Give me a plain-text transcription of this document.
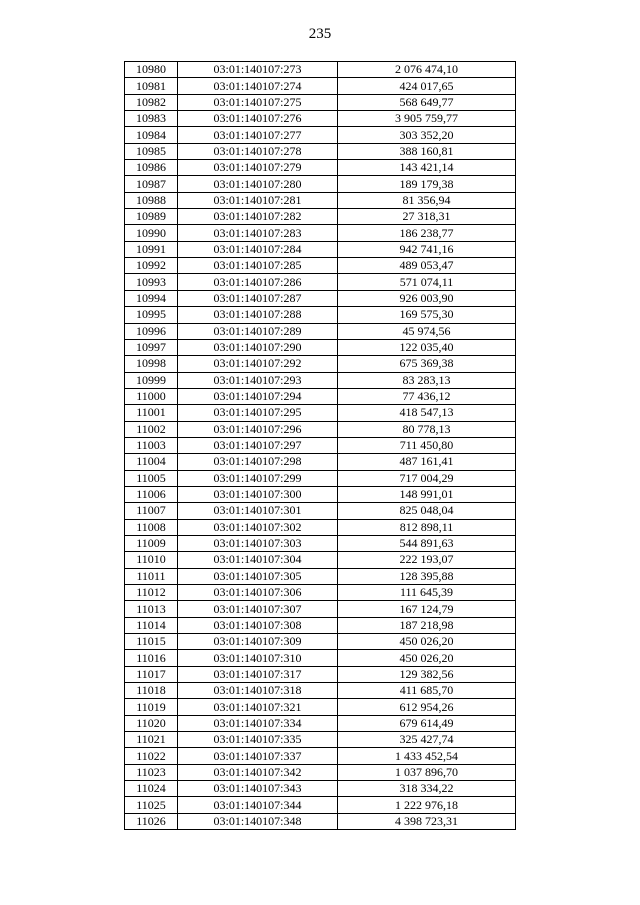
235
10980	03:01:140107:273	2 076 474,10
10981	03:01:140107:274	424 017,65
10982	03:01:140107:275	568 649,77
10983	03:01:140107:276	3 905 759,77
10984	03:01:140107:277	303 352,20
10985	03:01:140107:278	388 160,81
10986	03:01:140107:279	143 421,14
10987	03:01:140107:280	189 179,38
10988	03:01:140107:281	81 356,94
10989	03:01:140107:282	27 318,31
10990	03:01:140107:283	186 238,77
10991	03:01:140107:284	942 741,16
10992	03:01:140107:285	489 053,47
10993	03:01:140107:286	571 074,11
10994	03:01:140107:287	926 003,90
10995	03:01:140107:288	169 575,30
10996	03:01:140107:289	45 974,56
10997	03:01:140107:290	122 035,40
10998	03:01:140107:292	675 369,38
10999	03:01:140107:293	83 283,13
11000	03:01:140107:294	77 436,12
11001	03:01:140107:295	418 547,13
11002	03:01:140107:296	80 778,13
11003	03:01:140107:297	711 450,80
11004	03:01:140107:298	487 161,41
11005	03:01:140107:299	717 004,29
11006	03:01:140107:300	148 991,01
11007	03:01:140107:301	825 048,04
11008	03:01:140107:302	812 898,11
11009	03:01:140107:303	544 891,63
11010	03:01:140107:304	222 193,07
11011	03:01:140107:305	128 395,88
11012	03:01:140107:306	111 645,39
11013	03:01:140107:307	167 124,79
11014	03:01:140107:308	187 218,98
11015	03:01:140107:309	450 026,20
11016	03:01:140107:310	450 026,20
11017	03:01:140107:317	129 382,56
11018	03:01:140107:318	411 685,70
11019	03:01:140107:321	612 954,26
11020	03:01:140107:334	679 614,49
11021	03:01:140107:335	325 427,74
11022	03:01:140107:337	1 433 452,54
11023	03:01:140107:342	1 037 896,70
11024	03:01:140107:343	318 334,22
11025	03:01:140107:344	1 222 976,18
11026	03:01:140107:348	4 398 723,31
